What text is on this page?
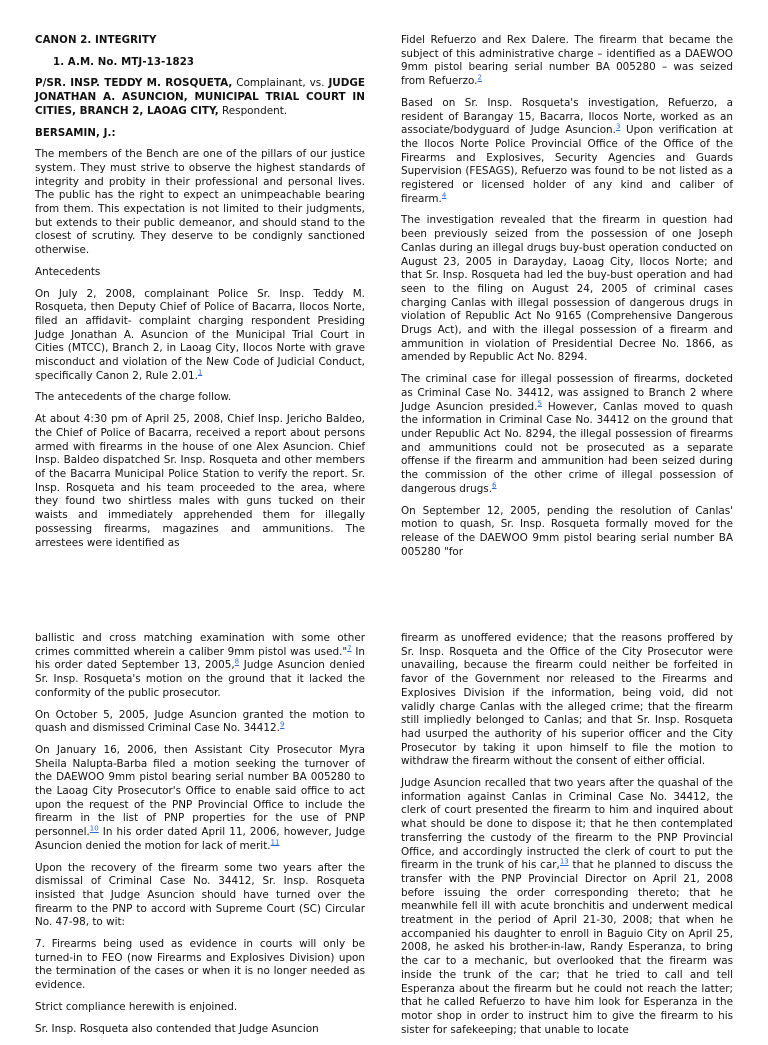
CANON 2. INTEGRITY

1. A.M. No. MTJ-13-1823

P/SR. INSP. TEDDY M. ROSQUETA, Complainant, vs. JUDGE JONATHAN A. ASUNCION, MUNICIPAL TRIAL COURT IN CITIES, BRANCH 2, LAOAG CITY, Respondent.

BERSAMIN, J.:

The members of the Bench are one of the pillars of our justice system. They must strive to observe the highest standards of integrity and probity in their professional and personal lives. The public has the right to expect an unimpeachable bearing from them. This expectation is not limited to their judgments, but extends to their public demeanor, and should stand to the closest of scrutiny. They deserve to be condignly sanctioned otherwise.

Antecedents

On July 2, 2008, complainant Police Sr. Insp. Teddy M. Rosqueta, then Deputy Chief of Police of Bacarra, Ilocos Norte, filed an affidavit- complaint charging respondent Presiding Judge Jonathan A. Asuncion of the Municipal Trial Court in Cities (MTCC), Branch 2, in Laoag City, Ilocos Norte with grave misconduct and violation of the New Code of Judicial Conduct, specifically Canon 2, Rule 2.01.$^1$

The antecedents of the charge follow.

At about 4:30 pm of April 25, 2008, Chief Insp. Jericho Baldeo, the Chief of Police of Bacarra, received a report about persons armed with firearms in the house of one Alex Asuncion. Chief Insp. Baldeo dispatched Sr. Insp. Rosqueta and other members of the Bacarra Municipal Police Station to verify the report. Sr. Insp. Rosqueta and his team proceeded to the area, where they found two shirtless males with guns tucked on their waists and immediately apprehended them for illegally possessing firearms, magazines and ammunitions. The arrestees were identified as

Fidel Refuerzo and Rex Dalere. The firearm that became the subject of this administrative charge – identified as a DAEWOO 9mm pistol bearing serial number BA 005280 – was seized from Refuerzo.$^2$

Based on Sr. Insp. Rosqueta's investigation, Refuerzo, a resident of Barangay 15, Bacarra, Ilocos Norte, worked as an associate/bodyguard of Judge Asuncion.$^3$ Upon verification at the Ilocos Norte Police Provincial Office of the Office of the Firearms and Explosives, Security Agencies and Guards Supervision (FESAGS), Refuerzo was found to be not listed as a registered or licensed holder of any kind and caliber of firearm.$^4$

The investigation revealed that the firearm in question had been previously seized from the possession of one Joseph Canlas during an illegal drugs buy-bust operation conducted on August 23, 2005 in Darayday, Laoag City, Ilocos Norte; and that Sr. Insp. Rosqueta had led the buy-bust operation and had seen to the filing on August 24, 2005 of criminal cases charging Canlas with illegal possession of dangerous drugs in violation of Republic Act No 9165 (Comprehensive Dangerous Drugs Act), and with the illegal possession of a firearm and ammunition in violation of Presidential Decree No. 1866, as amended by Republic Act No. 8294.

The criminal case for illegal possession of firearms, docketed as Criminal Case No. 34412, was assigned to Branch 2 where Judge Asuncion presided.$^5$ However, Canlas moved to quash the information in Criminal Case No. 34412 on the ground that under Republic Act No. 8294, the illegal possession of firearms and ammunitions could not be prosecuted as a separate offense if the firearm and ammunition had been seized during the commission of the other crime of illegal possession of dangerous drugs.$^6$

On September 12, 2005, pending the resolution of Canlas' motion to quash, Sr. Insp. Rosqueta formally moved for the release of the DAEWOO 9mm pistol bearing serial number BA 005280 "for

ballistic and cross matching examination with some other crimes committed wherein a caliber 9mm pistol was used."$^7$ In his order dated September 13, 2005,$^8$ Judge Asuncion denied Sr. Insp. Rosqueta's motion on the ground that it lacked the conformity of the public prosecutor.

On October 5, 2005, Judge Asuncion granted the motion to quash and dismissed Criminal Case No. 34412.$^9$

On January 16, 2006, then Assistant City Prosecutor Myra Sheila Nalupta-Barba filed a motion seeking the turnover of the DAEWOO 9mm pistol bearing serial number BA 005280 to the Laoag City Prosecutor's Office to enable said office to act upon the request of the PNP Provincial Office to include the firearm in the list of PNP properties for the use of PNP personnel.$^{10}$ In his order dated April 11, 2006, however, Judge Asuncion denied the motion for lack of merit.$^{11}$

Upon the recovery of the firearm some two years after the dismissal of Criminal Case No. 34412, Sr. Insp. Rosqueta insisted that Judge Asuncion should have turned over the firearm to the PNP to accord with Supreme Court (SC) Circular No. 47-98, to wit:

7. Firearms being used as evidence in courts will only be turned-in to FEO (now Firearms and Explosives Division) upon the termination of the cases or when it is no longer needed as evidence.

Strict compliance herewith is enjoined.

Sr. Insp. Rosqueta also contended that Judge Asuncion

firearm as unoffered evidence; that the reasons proffered by Sr. Insp. Rosqueta and the Office of the City Prosecutor were unavailing, because the firearm could neither be forfeited in favor of the Government nor released to the Firearms and Explosives Division if the information, being void, did not validly charge Canlas with the alleged crime; that the firearm still impliedly belonged to Canlas; and that Sr. Insp. Rosqueta had usurped the authority of his superior officer and the City Prosecutor by taking it upon himself to file the motion to withdraw the firearm without the consent of either official.

Judge Asuncion recalled that two years after the quashal of the information against Canlas in Criminal Case No. 34412, the clerk of court presented the firearm to him and inquired about what should be done to dispose it; that he then contemplated transferring the custody of the firearm to the PNP Provincial Office, and accordingly instructed the clerk of court to put the firearm in the trunk of his car,$^{13}$ that he planned to discuss the transfer with the PNP Provincial Director on April 21, 2008 before issuing the order corresponding thereto; that he meanwhile fell ill with acute bronchitis and underwent medical treatment in the period of April 21-30, 2008; that when he accompanied his daughter to enroll in Baguio City on April 25, 2008, he asked his brother-in-law, Randy Esperanza, to bring the car to a mechanic, but overlooked that the firearm was inside the trunk of the car; that he tried to call and tell Esperanza about the firearm but he could not reach the latter; that he called Refuerzo to have him look for Esperanza in the motor shop in order to instruct him to give the firearm to his sister for safekeeping; that unable to locate
